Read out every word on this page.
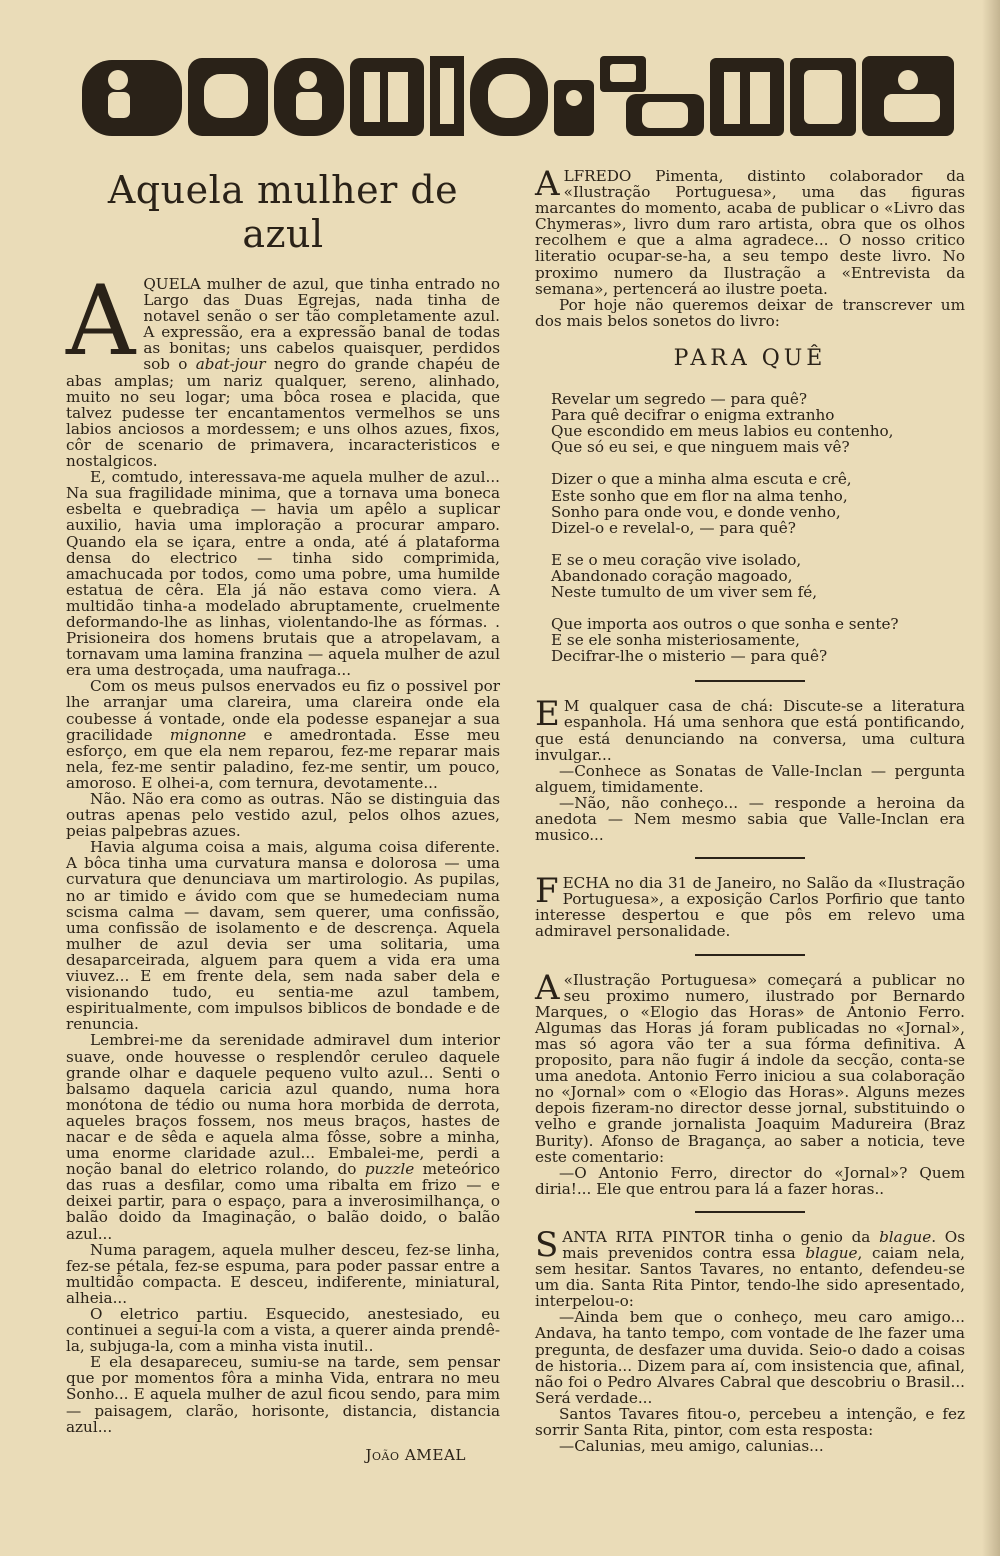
Aquela mulher de azul

AQUELA mulher de azul, que tinha entrado no Largo das Duas Egrejas, nada tinha de notavel senão o ser tão completamente azul. A expressão, era a expressão banal de todas as bonitas; uns cabelos quaisquer, perdidos sob o abat-jour negro do grande chapéu de abas amplas; um nariz qualquer, sereno, alinhado, muito no seu logar; uma bôca rosea e placida, que talvez pudesse ter encantamentos vermelhos se uns labios anciosos a mordessem; e uns olhos azues, fixos, côr de scenario de primavera, incaracteristicos e nostalgicos.

E, comtudo, interessava-me aquela mulher de azul... Na sua fragilidade minima, que a tornava uma boneca esbelta e quebradiça — havia um apêlo a suplicar auxilio, havia uma imploração a procurar amparo. Quando ela se içara, entre a onda, até á plataforma densa do electrico — tinha sido comprimida, amachucada por todos, como uma pobre, uma humilde estatua de cêra. Ela já não estava como viera. A multidão tinha-a modelado abruptamente, cruelmente deformando-lhe as linhas, violentando-lhe as fórmas. . Prisioneira dos homens brutais que a atropelavam, a tornavam uma lamina franzina — aquela mulher de azul era uma destroçada, uma naufraga...

Com os meus pulsos enervados eu fiz o possivel por lhe arranjar uma clareira, uma clareira onde ela coubesse á vontade, onde ela podesse espanejar a sua gracilidade mignonne e amedrontada. Esse meu esforço, em que ela nem reparou, fez-me reparar mais nela, fez-me sentir paladino, fez-me sentir, um pouco, amoroso. E olhei-a, com ternura, devotamente...

Não. Não era como as outras. Não se distinguia das outras apenas pelo vestido azul, pelos olhos azues, peias palpebras azues.

Havia alguma coisa a mais, alguma coisa diferente. A bôca tinha uma curvatura mansa e dolorosa — uma curvatura que denunciava um martirologio. As pupilas, no ar timido e ávido com que se humedeciam numa scisma calma — davam, sem querer, uma confissão, uma confissão de isolamento e de descrença. Aquela mulher de azul devia ser uma solitaria, uma desaparceirada, alguem para quem a vida era uma viuvez... E em frente dela, sem nada saber dela e visionando tudo, eu sentia-me azul tambem, espiritualmente, com impulsos biblicos de bondade e de renuncia.

Lembrei-me da serenidade admiravel dum interior suave, onde houvesse o resplendôr ceruleo daquele grande olhar e daquele pequeno vulto azul... Senti o balsamo daquela caricia azul quando, numa hora monótona de tédio ou numa hora morbida de derrota, aqueles braços fossem, nos meus braços, hastes de nacar e de sêda e aquela alma fôsse, sobre a minha, uma enorme claridade azul... Embalei-me, perdi a noção banal do eletrico rolando, do puzzle meteórico das ruas a desfilar, como uma ribalta em frizo — e deixei partir, para o espaço, para a inverosimilhança, o balão doido da Imaginação, o balão doido, o balão azul...

Numa paragem, aquela mulher desceu, fez-se linha, fez-se pétala, fez-se espuma, para poder passar entre a multidão compacta. E desceu, indiferente, miniatural, alheia...

O eletrico partiu. Esquecido, anestesiado, eu continuei a segui-la com a vista, a querer ainda prendê-la, subjuga-la, com a minha vista inutil..

E ela desapareceu, sumiu-se na tarde, sem pensar que por momentos fôra a minha Vida, entrara no meu Sonho... E aquela mulher de azul ficou sendo, para mim — paisagem, clarão, horisonte, distancia, distancia azul...

João AMEAL

ALFREDO Pimenta, distinto colaborador da «Ilustração Portuguesa», uma das figuras marcantes do momento, acaba de publicar o «Livro das Chymeras», livro dum raro artista, obra que os olhos recolhem e que a alma agradece... O nosso critico literatio ocupar-se-ha, a seu tempo deste livro. No proximo numero da Ilustração a «Entrevista da semana», pertencerá ao ilustre poeta.

Por hoje não queremos deixar de transcrever um dos mais belos sonetos do livro:

PARA QUÊ
Revelar um segredo — para quê?
Para quê decifrar o enigma extranho
Que escondido em meus labios eu contenho,
Que só eu sei, e que ninguem mais vê?
Dizer o que a minha alma escuta e crê,
Este sonho que em flor na alma tenho,
Sonho para onde vou, e donde venho,
Dizel-o e revelal-o, — para quê?
E se o meu coração vive isolado,
Abandonado coração magoado,
Neste tumulto de um viver sem fé,
Que importa aos outros o que sonha e sente?
E se ele sonha misteriosamente,
Decifrar-lhe o misterio — para quê?

E M qualquer casa de chá: Discute-se a literatura espanhola. Há uma senhora que está pontificando, que está denunciando na conversa, uma cultura invulgar...

—Conhece as Sonatas de Valle-Inclan — pergunta alguem, timidamente.

—Não, não conheço... — responde a heroina da anedota — Nem mesmo sabia que Valle-Inclan era musico...

FECHA no dia 31 de Janeiro, no Salão da «Ilustração Portuguesa», a exposição Carlos Porfirio que tanto interesse despertou e que pôs em relevo uma admiravel personalidade.

A «Ilustração Portuguesa» começará a publicar no seu proximo numero, ilustrado por Bernardo Marques, o «Elogio das Horas» de Antonio Ferro. Algumas das Horas já foram publicadas no «Jornal», mas só agora vão ter a sua fórma definitiva. A proposito, para não fugir á indole da secção, conta-se uma anedota. Antonio Ferro iniciou a sua colaboração no «Jornal» com o «Elogio das Horas». Alguns mezes depois fizeram-no director desse jornal, substituindo o velho e grande jornalista Joaquim Madureira (Braz Burity). Afonso de Bragança, ao saber a noticia, teve este comentario:

—O Antonio Ferro, director do «Jornal»? Quem diria!... Ele que entrou para lá a fazer horas..

SANTA RITA PINTOR tinha o genio da blague. Os mais prevenidos contra essa blague, caiam nela, sem hesitar. Santos Tavares, no entanto, defendeu-se um dia. Santa Rita Pintor, tendo-lhe sido apresentado, interpelou-o:

—Ainda bem que o conheço, meu caro amigo... Andava, ha tanto tempo, com vontade de lhe fazer uma pregunta, de desfazer uma duvida. Seio-o dado a coisas de historia... Dizem para aí, com insistencia que, afinal, não foi o Pedro Alvares Cabral que descobriu o Brasil... Será verdade...

Santos Tavares fitou-o, percebeu a intenção, e fez sorrir Santa Rita, pintor, com esta resposta:

—Calunias, meu amigo, calunias...
